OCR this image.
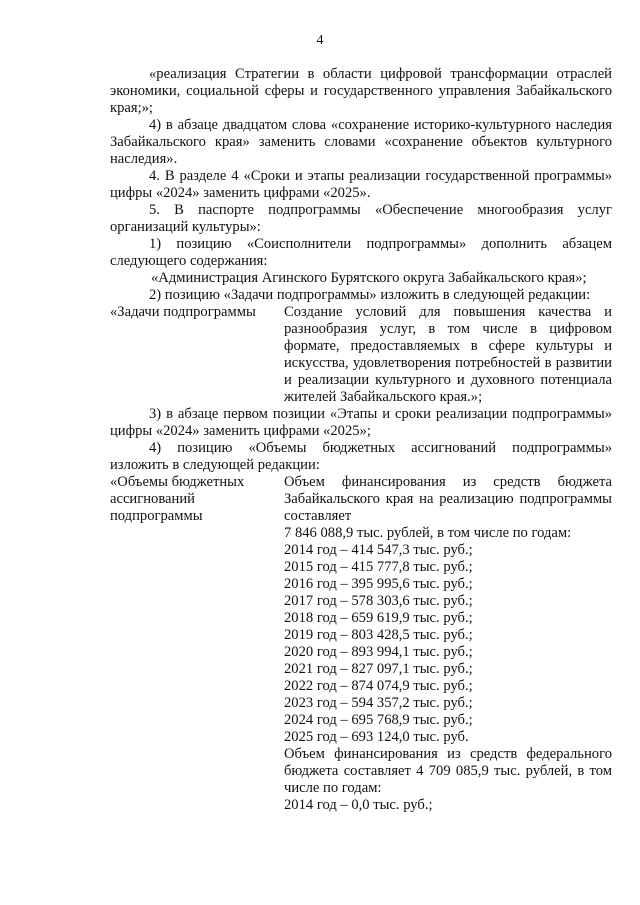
4

«реализация Стратегии в области цифровой трансформации отраслей экономики, социальной сферы и государственного управления Забайкальского края;»;

4) в абзаце двадцатом слова «сохранение историко-культурного наследия Забайкальского края» заменить словами «сохранение объектов культурного наследия».

4. В разделе 4 «Сроки и этапы реализации государственной программы» цифры «2024» заменить цифрами «2025».

5. В паспорте подпрограммы «Обеспечение многообразия услуг организаций культуры»:

1) позицию «Соисполнители подпрограммы» дополнить абзацем следующего содержания:

«Администрация Агинского Бурятского округа Забайкальского края»;

2) позицию «Задачи подпрограммы» изложить в следующей редакции:

«Задачи подпрограммы	Создание условий для повышения качества и разнообразия услуг, в том числе в цифровом формате, предоставляемых в сфере культуры и искусства, удовлетворения потребностей в развитии и реализации культурного и духовного потенциала жителей Забайкальского края.»;

3) в абзаце первом позиции «Этапы и сроки реализации подпрограммы» цифры «2024» заменить цифрами «2025»;

4) позицию «Объемы бюджетных ассигнований подпрограммы» изложить в следующей редакции:

«Объемы бюджетных
ассигнований
подпрограммы

Объем финансирования из средств бюджета Забайкальского края на реализацию подпрограммы составляет

7 846 088,9 тыс. рублей, в том числе по годам:
2014 год – 414 547,3 тыс. руб.;
2015 год – 415 777,8 тыс. руб.;
2016 год – 395 995,6 тыс. руб.;
2017 год – 578 303,6 тыс. руб.;
2018 год – 659 619,9 тыс. руб.;
2019 год – 803 428,5 тыс. руб.;
2020 год – 893 994,1 тыс. руб.;
2021 год – 827 097,1 тыс. руб.;
2022 год – 874 074,9 тыс. руб.;
2023 год – 594 357,2 тыс. руб.;
2024 год – 695 768,9 тыс. руб.;
2025 год – 693 124,0 тыс. руб.

Объем финансирования из средств федерального бюджета составляет 4 709 085,9 тыс. рублей, в том числе по годам:

2014 год – 0,0 тыс. руб.;
